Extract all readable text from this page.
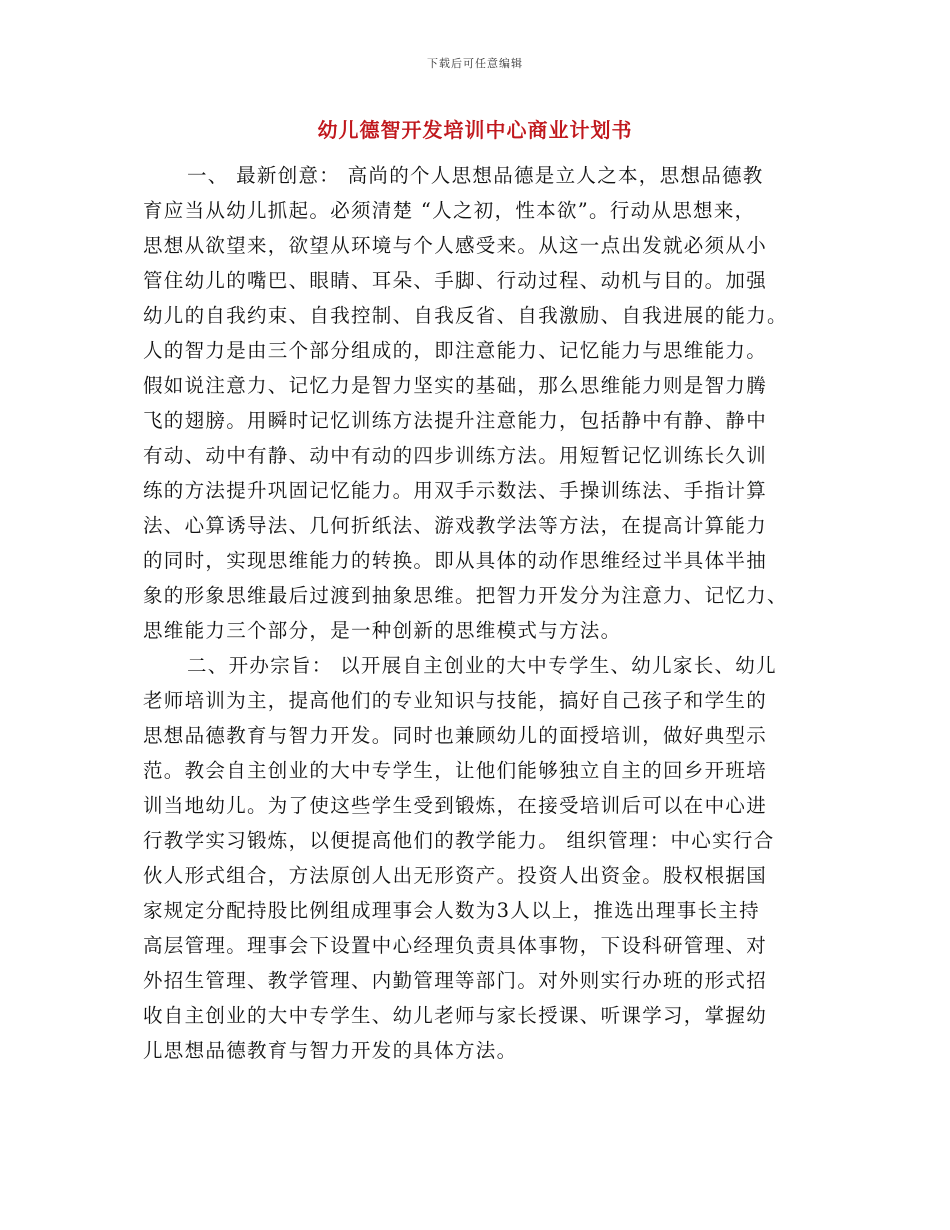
下载后可任意编辑
幼儿德智开发培训中心商业计划书
一、 最新创意： 高尚的个人思想品德是立人之本，思想品德教
育应当从幼儿抓起。必须清楚 “人之初，性本欲”。行动从思想来，
思想从欲望来，欲望从环境与个人感受来。从这一点出发就必须从小
管住幼儿的嘴巴、眼睛、耳朵、手脚、行动过程、动机与目的。加强
幼儿的自我约束、自我控制、自我反省、自我激励、自我进展的能力。
人的智力是由三个部分组成的，即注意能力、记忆能力与思维能力。
假如说注意力、记忆力是智力坚实的基础，那么思维能力则是智力腾
飞的翅膀。用瞬时记忆训练方法提升注意能力，包括静中有静、静中
有动、动中有静、动中有动的四步训练方法。用短暂记忆训练长久训
练的方法提升巩固记忆能力。用双手示数法、手操训练法、手指计算
法、心算诱导法、几何折纸法、游戏教学法等方法，在提高计算能力
的同时，实现思维能力的转换。即从具体的动作思维经过半具体半抽
象的形象思维最后过渡到抽象思维。把智力开发分为注意力、记忆力、
思维能力三个部分，是一种创新的思维模式与方法。
二、开办宗旨： 以开展自主创业的大中专学生、幼儿家长、幼儿
老师培训为主，提高他们的专业知识与技能，搞好自己孩子和学生的
思想品德教育与智力开发。同时也兼顾幼儿的面授培训，做好典型示
范。教会自主创业的大中专学生，让他们能够独立自主的回乡开班培
训当地幼儿。为了使这些学生受到锻炼，在接受培训后可以在中心进
行教学实习锻炼，以便提高他们的教学能力。 组织管理：中心实行合
伙人形式组合，方法原创人出无形资产。投资人出资金。股权根据国
家规定分配持股比例组成理事会人数为3人以上，推选出理事长主持
高层管理。理事会下设置中心经理负责具体事物，下设科研管理、对
外招生管理、教学管理、内勤管理等部门。对外则实行办班的形式招
收自主创业的大中专学生、幼儿老师与家长授课、听课学习，掌握幼
儿思想品德教育与智力开发的具体方法。
